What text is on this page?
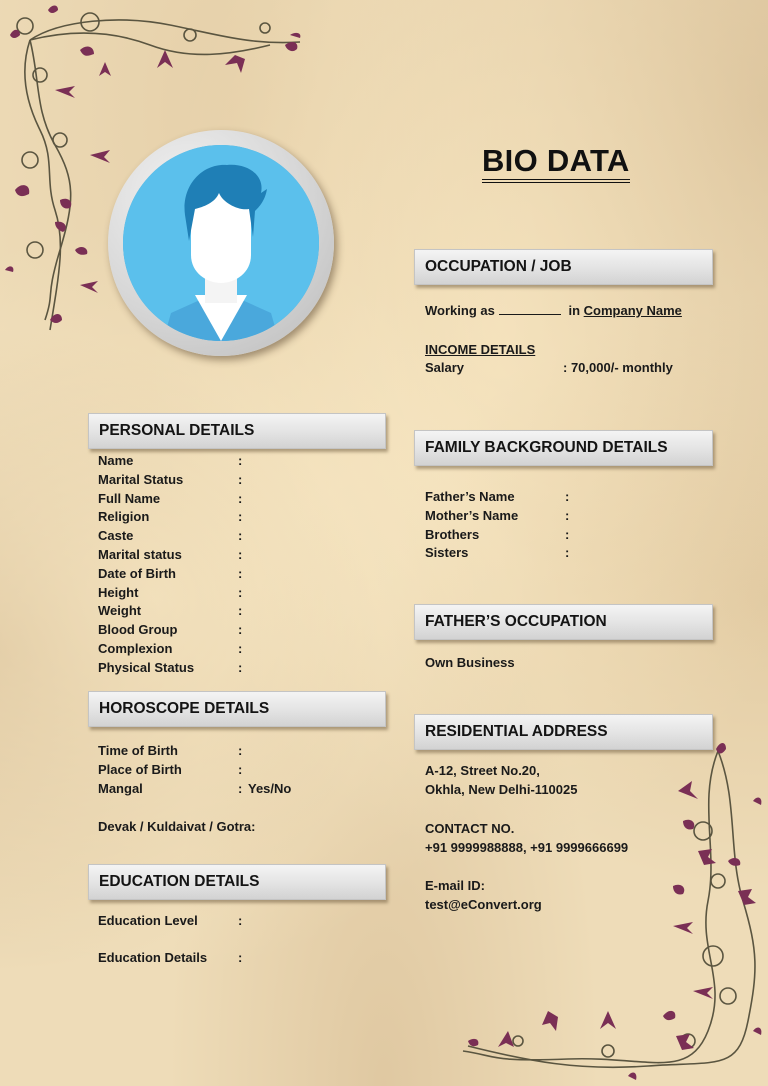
BIO DATA
OCCUPATION / JOB
Working as	in Company Name
INCOME DETAILS
Salary	: 70,000/- monthly
PERSONAL DETAILS
Name	:
Marital Status	:
Full Name	:
Religion	:
Caste	:
Marital status	:
Date of Birth	:
Height	:
Weight	:
Blood Group	:
Complexion	:
Physical Status	:
HOROSCOPE DETAILS
Time of Birth	:
Place of Birth	:
Mangal	: Yes/No
Devak / Kuldaivat / Gotra:
EDUCATION DETAILS
Education Level	:
Education Details	:
FAMILY BACKGROUND DETAILS
Father’s Name	:
Mother’s Name	:
Brothers	:
Sisters	:
FATHER’S OCCUPATION
Own Business
RESIDENTIAL ADDRESS
A-12, Street No.20,
Okhla, New Delhi-110025
CONTACT NO.
+91 9999988888, +91 9999666699
E-mail ID:
test@eConvert.org
